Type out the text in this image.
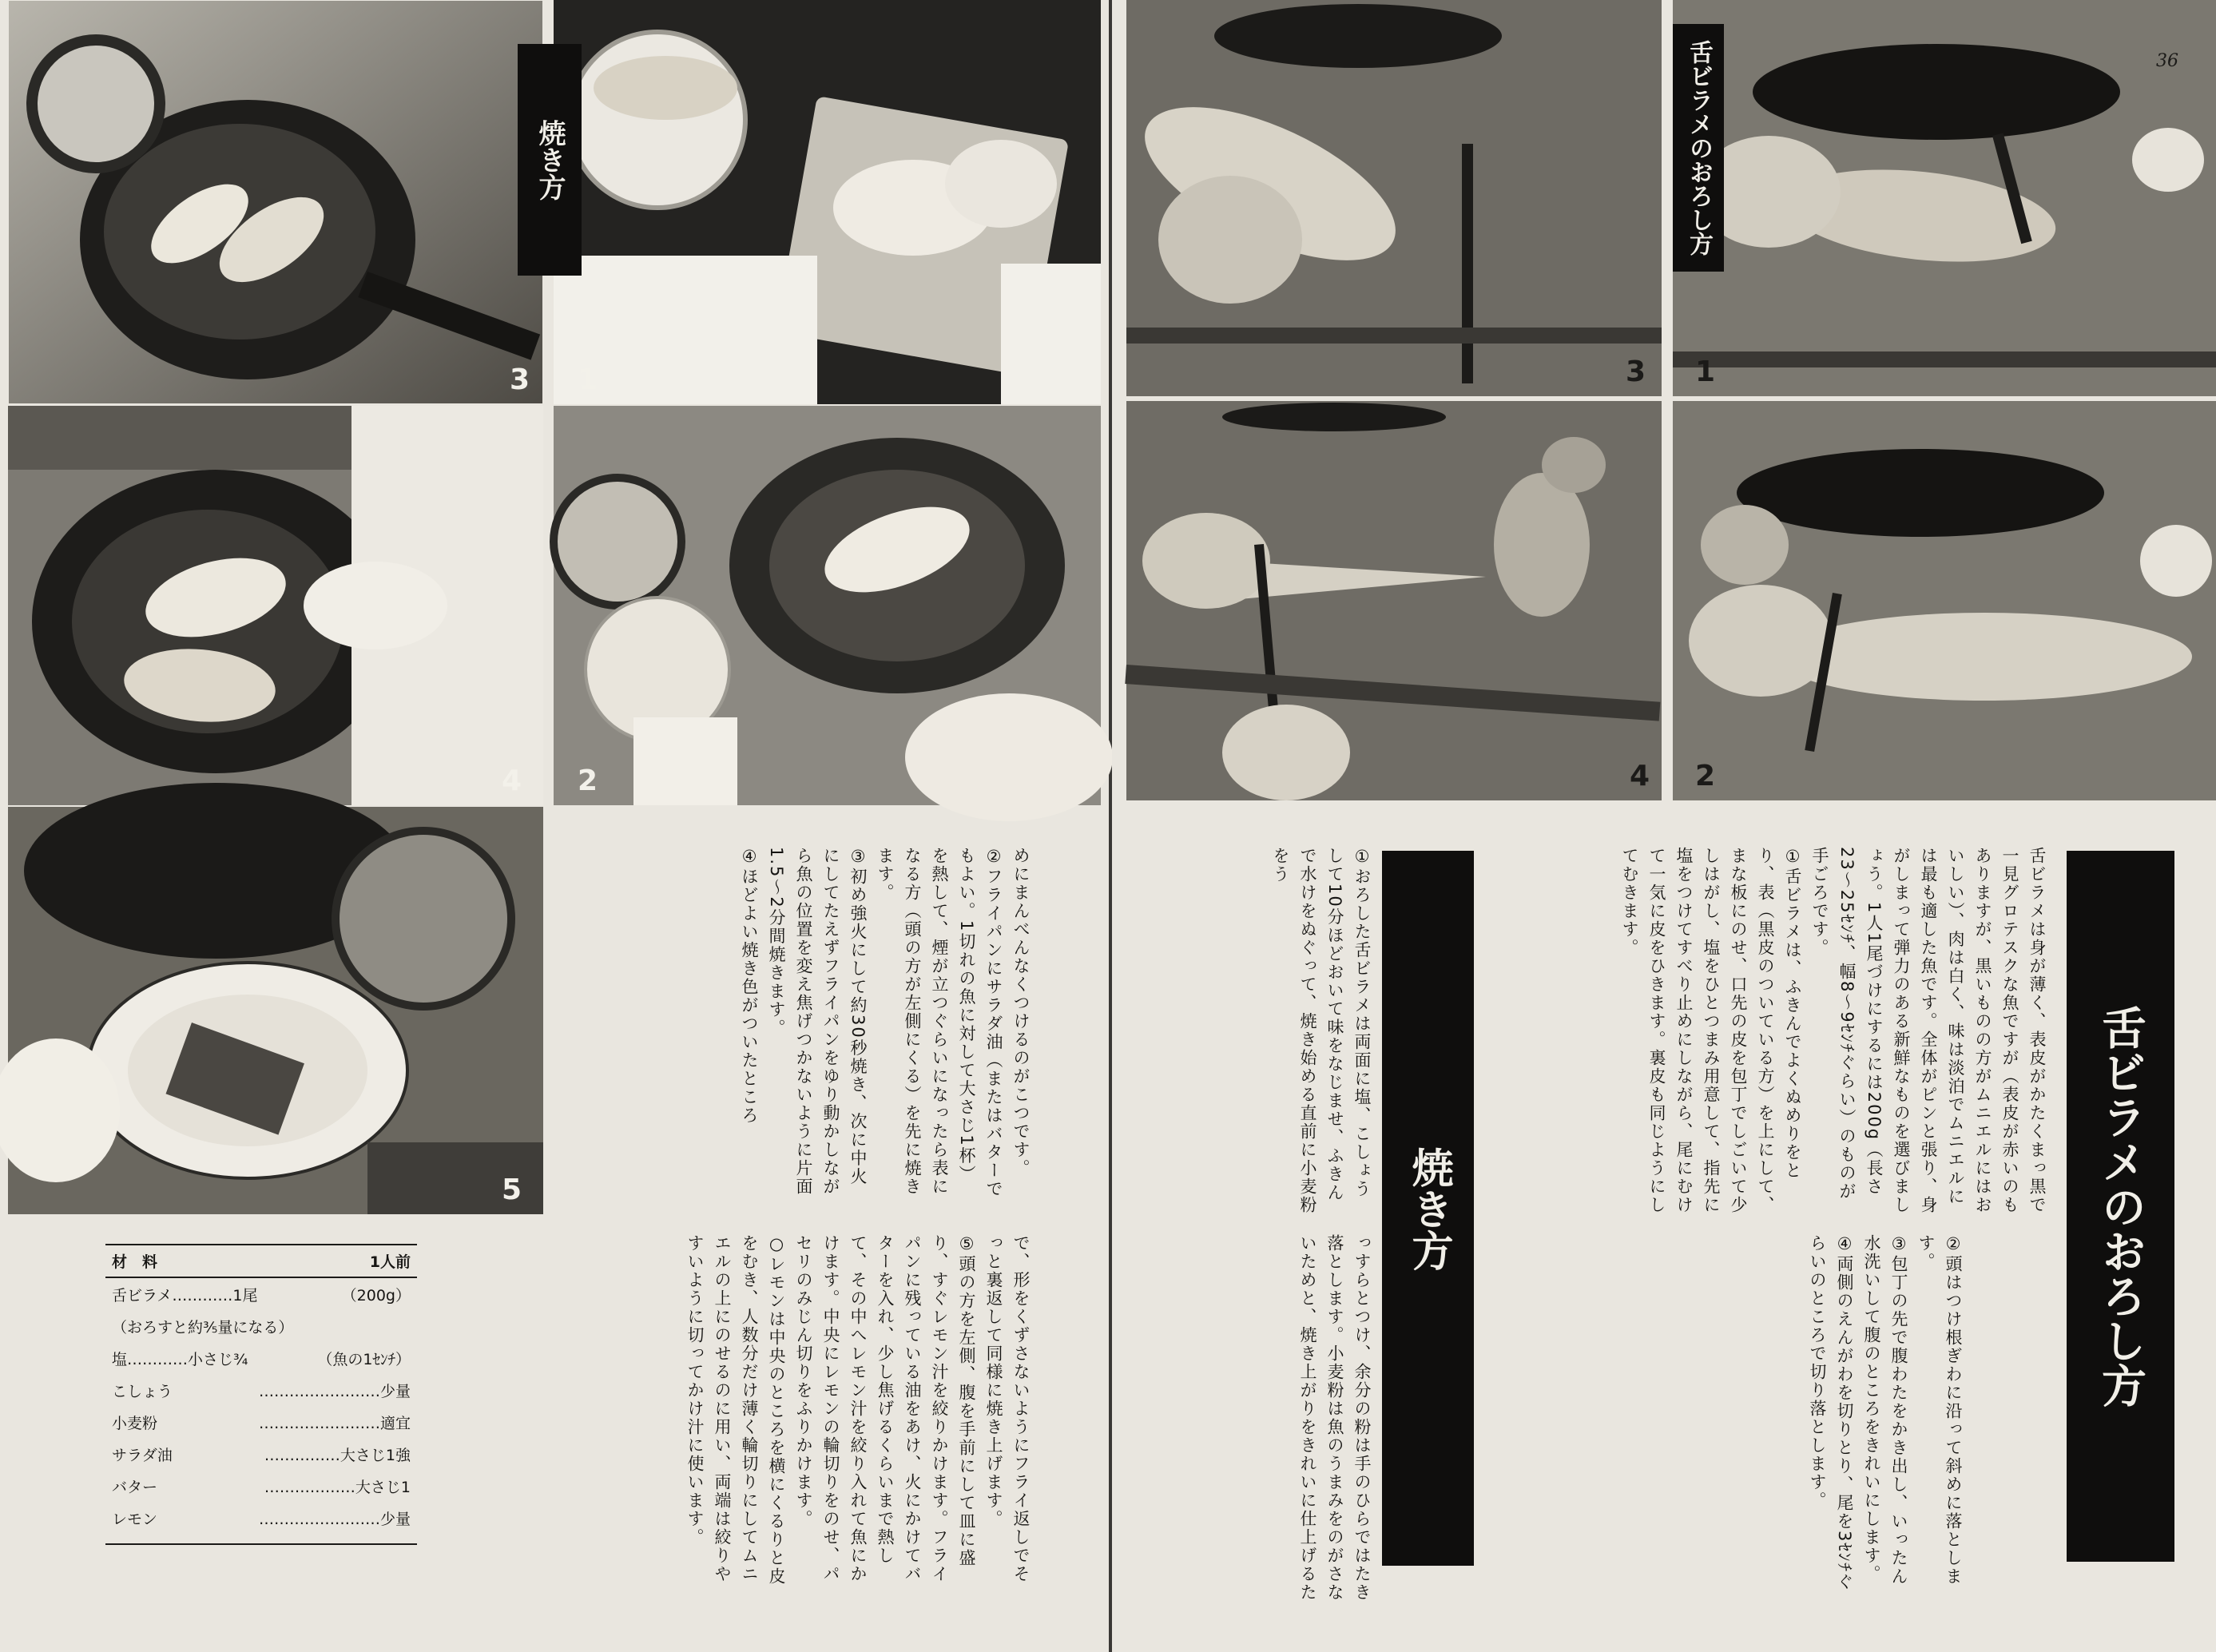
3
焼き方
1
4 2
5
めにまんべんなくつけるのがこつです。
②フライパンにサラダ油（またはバターでもよい。1切れの魚に対して大さじ1杯）を熱して、煙が立つぐらいになったら表になる方（頭の方が左側にくる）を先に焼きます。
③初め強火にして約30秒焼き、次に中火にしてたえずフライパンをゆり動かしながら魚の位置を変え焦げつかないように片面1.5〜2分間焼きます。
④ほどよい焼き色がついたところ
で、形をくずさないようにフライ返しでそっと裏返して同様に焼き上げます。
⑤頭の方を左側、腹を手前にして皿に盛り、すぐレモン汁を絞りかけます。フライパンに残っている油をあけ、火にかけてバターを入れ、少し焦げるくらいまで熱して、その中へレモン汁を絞り入れて魚にかけます。中央にレモンの輪切りをのせ、パセリのみじん切りをふりかけます。
○レモンは中央のところを横にくるりと皮をむき、人数分だけ薄く輪切りにしてムニエルの上にのせるのに用い、両端は絞りやすいように切ってかけ汁に使います。
材　料	1人前
舌ビラメ…………1尾	（200g）
（おろすと約⅗量になる）
塩…………小さじ¾	（魚の1ｾﾝﾁ）
こしょう	……………………少量
小麦粉	……………………適宜
サラダ油	……………大さじ1強
バター	………………大さじ1
レモン	……………………少量
3
舌ビラメのおろし方	36
1
4 2
舌ビラメのおろし方
舌ビラメは身が薄く、表皮がかたくまっ黒で一見グロテスクな魚ですが（表皮が赤いのもありますが、黒いものの方がムニエルにはおいしい）、肉は白く、味は淡泊でムニエルには最も適した魚です。全体がピンと張り、身がしまって弾力のある新鮮なものを選びましょう。1人1尾づけにするには200g（長さ23〜25ｾﾝﾁ、幅8〜9ｾﾝﾁぐらい）のものが手ごろです。
①舌ビラメは、ふきんでよくぬめりをとり、表（黒皮のついている方）を上にして、まな板にのせ、口先の皮を包丁でしごいて少しはがし、塩をひとつまみ用意して、指先に塩をつけてすべり止めにしながら、尾にむけて一気に皮をひきます。裏皮も同じようにしてむきます。
②頭はつけ根ぎわに沿って斜めに落とします。
③包丁の先で腹わたをかき出し、いったん水洗いして腹のところをきれいにします。
④両側のえんがわを切りとり、尾を3ｾﾝﾁぐらいのところで切り落とします。
焼き方
①おろした舌ビラメは両面に塩、こしょうして10分ほどおいて味をなじませ、ふきんで水けをぬぐって、焼き始める直前に小麦粉をう
っすらとつけ、余分の粉は手のひらではたき落とします。小麦粉は魚のうまみをのがさないためと、焼き上がりをきれいに仕上げるた
